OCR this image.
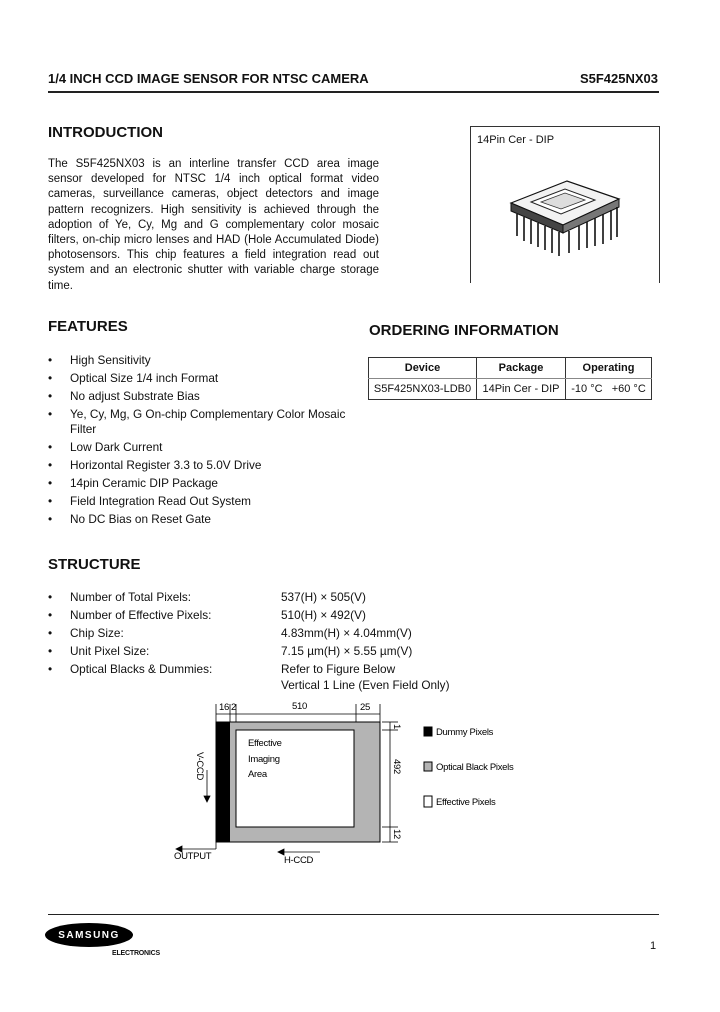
1/4 INCH CCD IMAGE SENSOR FOR NTSC CAMERA	S5F425NX03
INTRODUCTION
The S5F425NX03 is an interline transfer CCD area image sensor developed for NTSC 1/4 inch optical format video cameras, surveillance cameras, object detectors and image pattern recognizers. High sensitivity is achieved through the adoption of Ye, Cy, Mg and G complementary color mosaic filters, on-chip micro lenses and HAD (Hole Accumulated Diode) photosensors. This chip features a field integration read out system and an electronic shutter with variable charge storage time.
14Pin Cer - DIP
FEATURES
• High Sensitivity
• Optical Size 1/4 inch Format
• No adjust Substrate Bias
• Ye, Cy, Mg, G On-chip Complementary Color Mosaic Filter
• Low Dark Current
• Horizontal Register 3.3 to 5.0V Drive
• 14pin Ceramic DIP Package
• Field Integration Read Out System
• No DC Bias on Reset Gate
ORDERING INFORMATION
Device	Package	Operating
S5F425NX03-LDB0	14Pin Cer - DIP	-10 °C   +60 °C
STRUCTURE
• Number of Total Pixels:	537(H) × 505(V)
• Number of Effective Pixels:	510(H) × 492(V)
• Chip Size:	4.83mm(H) × 4.04mm(V)
• Unit Pixel Size:	7.15 µm(H) × 5.55 µm(V)
• Optical Blacks & Dummies:	Refer to Figure Below
Vertical 1 Line (Even Field Only)
16 2	510	25
Effective
Imaging
Area
1
492
12
V-CCD
OUTPUT	H-CCD
Dummy Pixels
Optical Black Pixels
Effective Pixels
SAMSUNG
ELECTRONICS
1
